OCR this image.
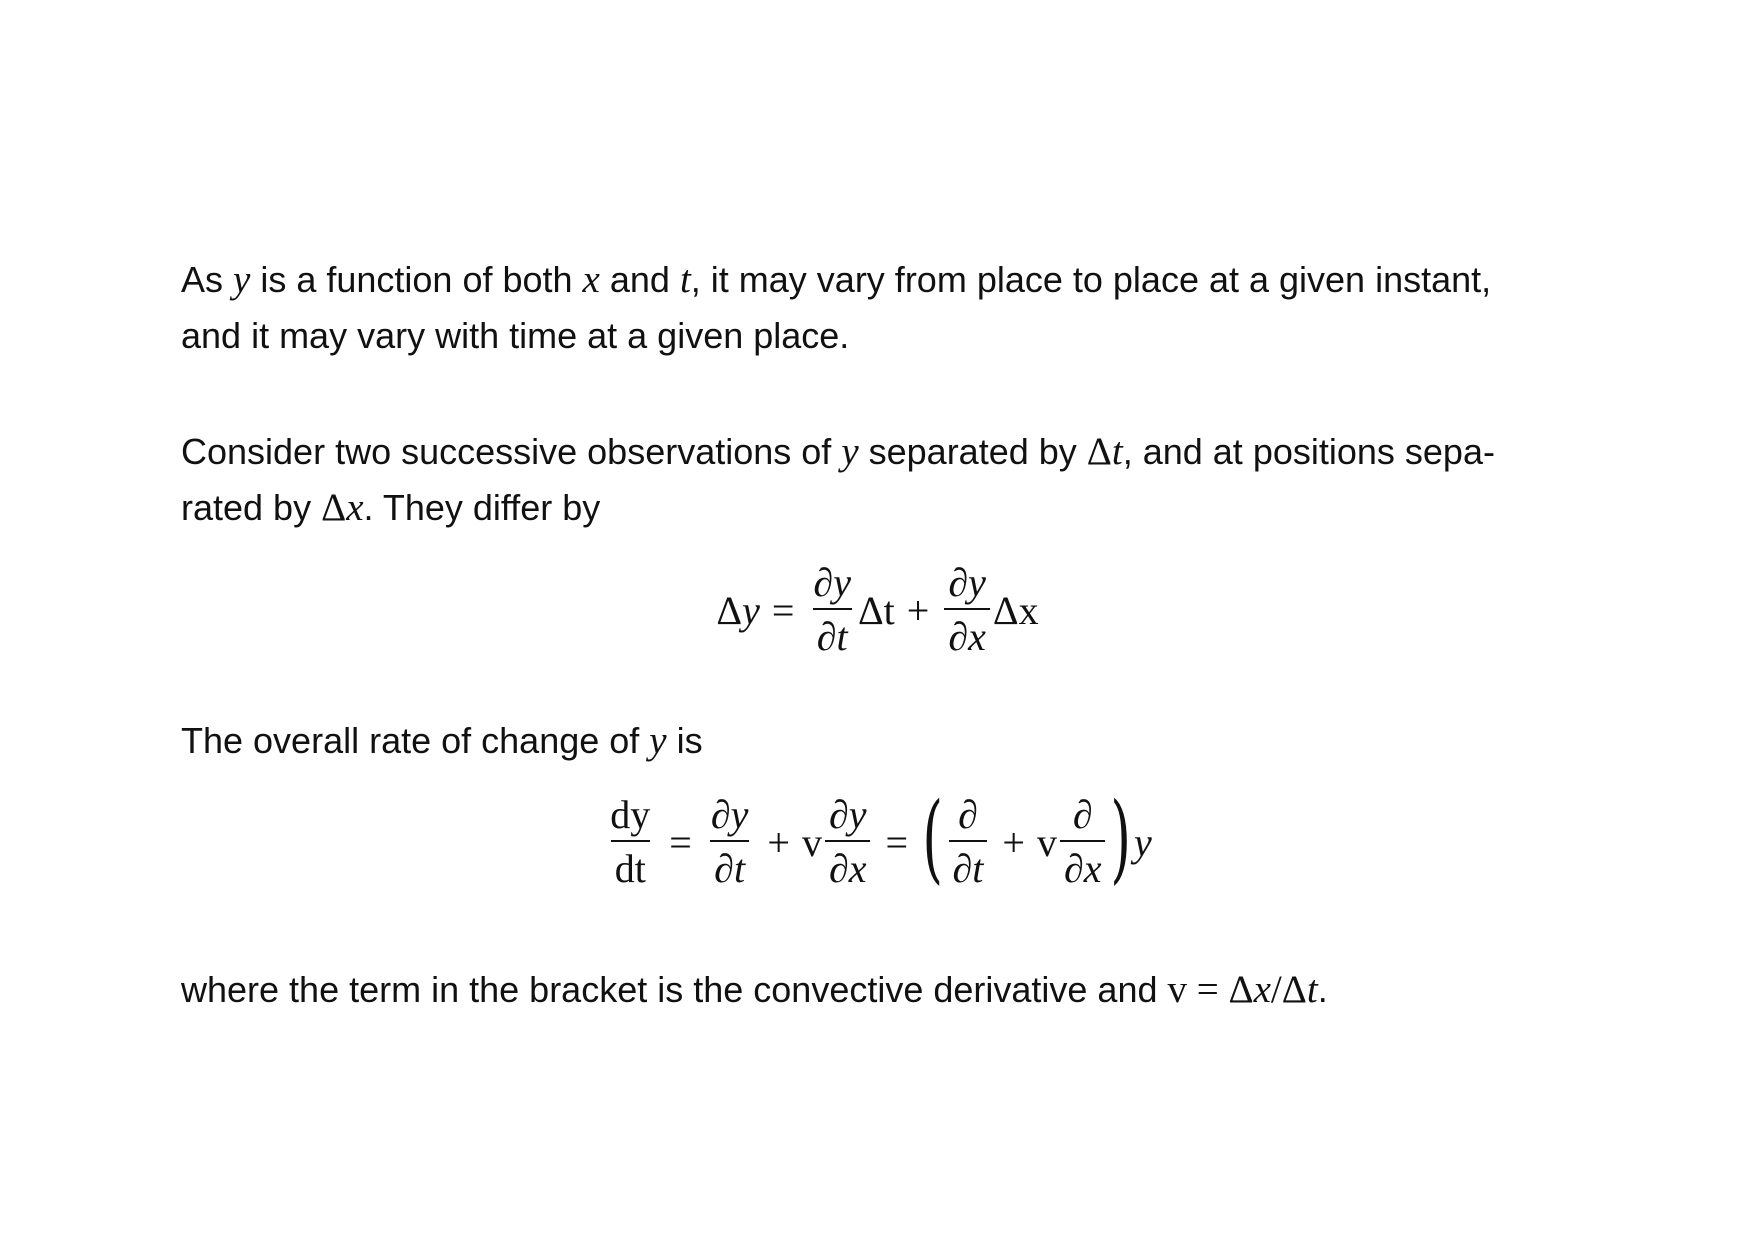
As y is a function of both x and t, it may vary from place to place at a given instant,
and it may vary with time at a given place.

Consider two successive observations of y separated by Δt, and at positions sepa-
rated by Δx. They differ by

Δ $y = \frac{\partial y}{\partial t}$ $\Delta t + \frac{\partial y}{\partial x}$ Δx

The overall rate of change of y is

$\frac{dy}{dt} = \frac{\partial y}{\partial t} + v \frac{\partial y}{\partial x}$ = ( $\frac{\partial}{\partial t} + v \frac{\partial}{\partial x}$ ) y

where the term in the bracket is the convective derivative and v = Δx/Δt.
